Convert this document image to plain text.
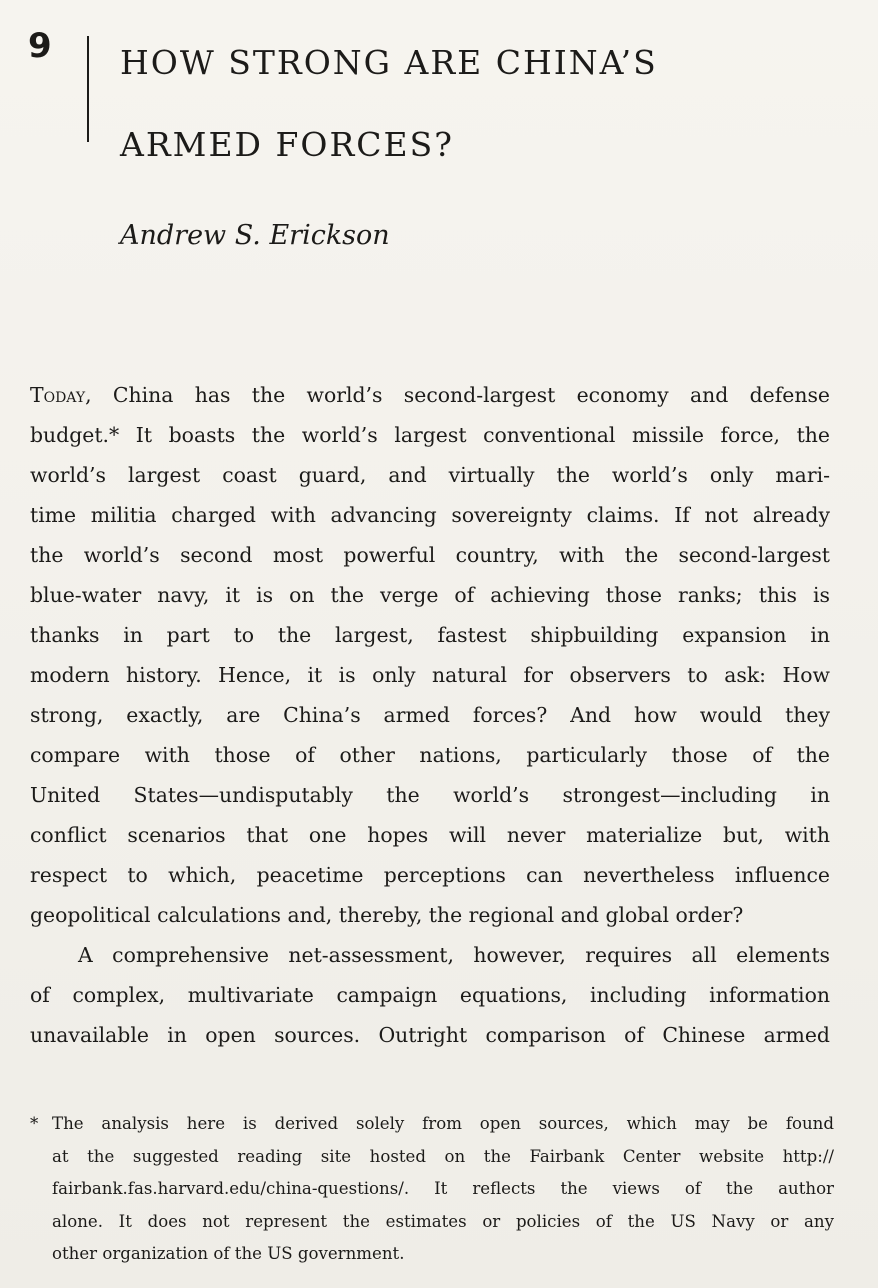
9 HOW STRONG ARE CHINA’S
ARMED FORCES?
Andrew S. Erickson
Today, China has the world’s second-largest economy and defense
budget.* It boasts the world’s largest conventional missile force, the
world’s largest coast guard, and virtually the world’s only mari-
time militia charged with advancing sovereignty claims. If not already
the world’s second most powerful country, with the second-largest
blue-water navy, it is on the verge of achieving those ranks; this is
thanks in part to the largest, fastest shipbuilding expansion in
modern history. Hence, it is only natural for observers to ask: How
strong, exactly, are China’s armed forces? And how would they
compare with those of other nations, particularly those of the
United States—undisputably the world’s strongest—including in
conflict scenarios that one hopes will never materialize but, with
respect to which, peacetime perceptions can nevertheless influence
geopolitical calculations and, thereby, the regional and global order?
A comprehensive net-assessment, however, requires all elements
of complex, multivariate campaign equations, including information
unavailable in open sources. Outright comparison of Chinese armed
* The analysis here is derived solely from open sources, which may be found
at the suggested reading site hosted on the Fairbank Center website http://
fairbank.fas.harvard.edu/china-questions/. It reflects the views of the author
alone. It does not represent the estimates or policies of the US Navy or any
other organization of the US government.
